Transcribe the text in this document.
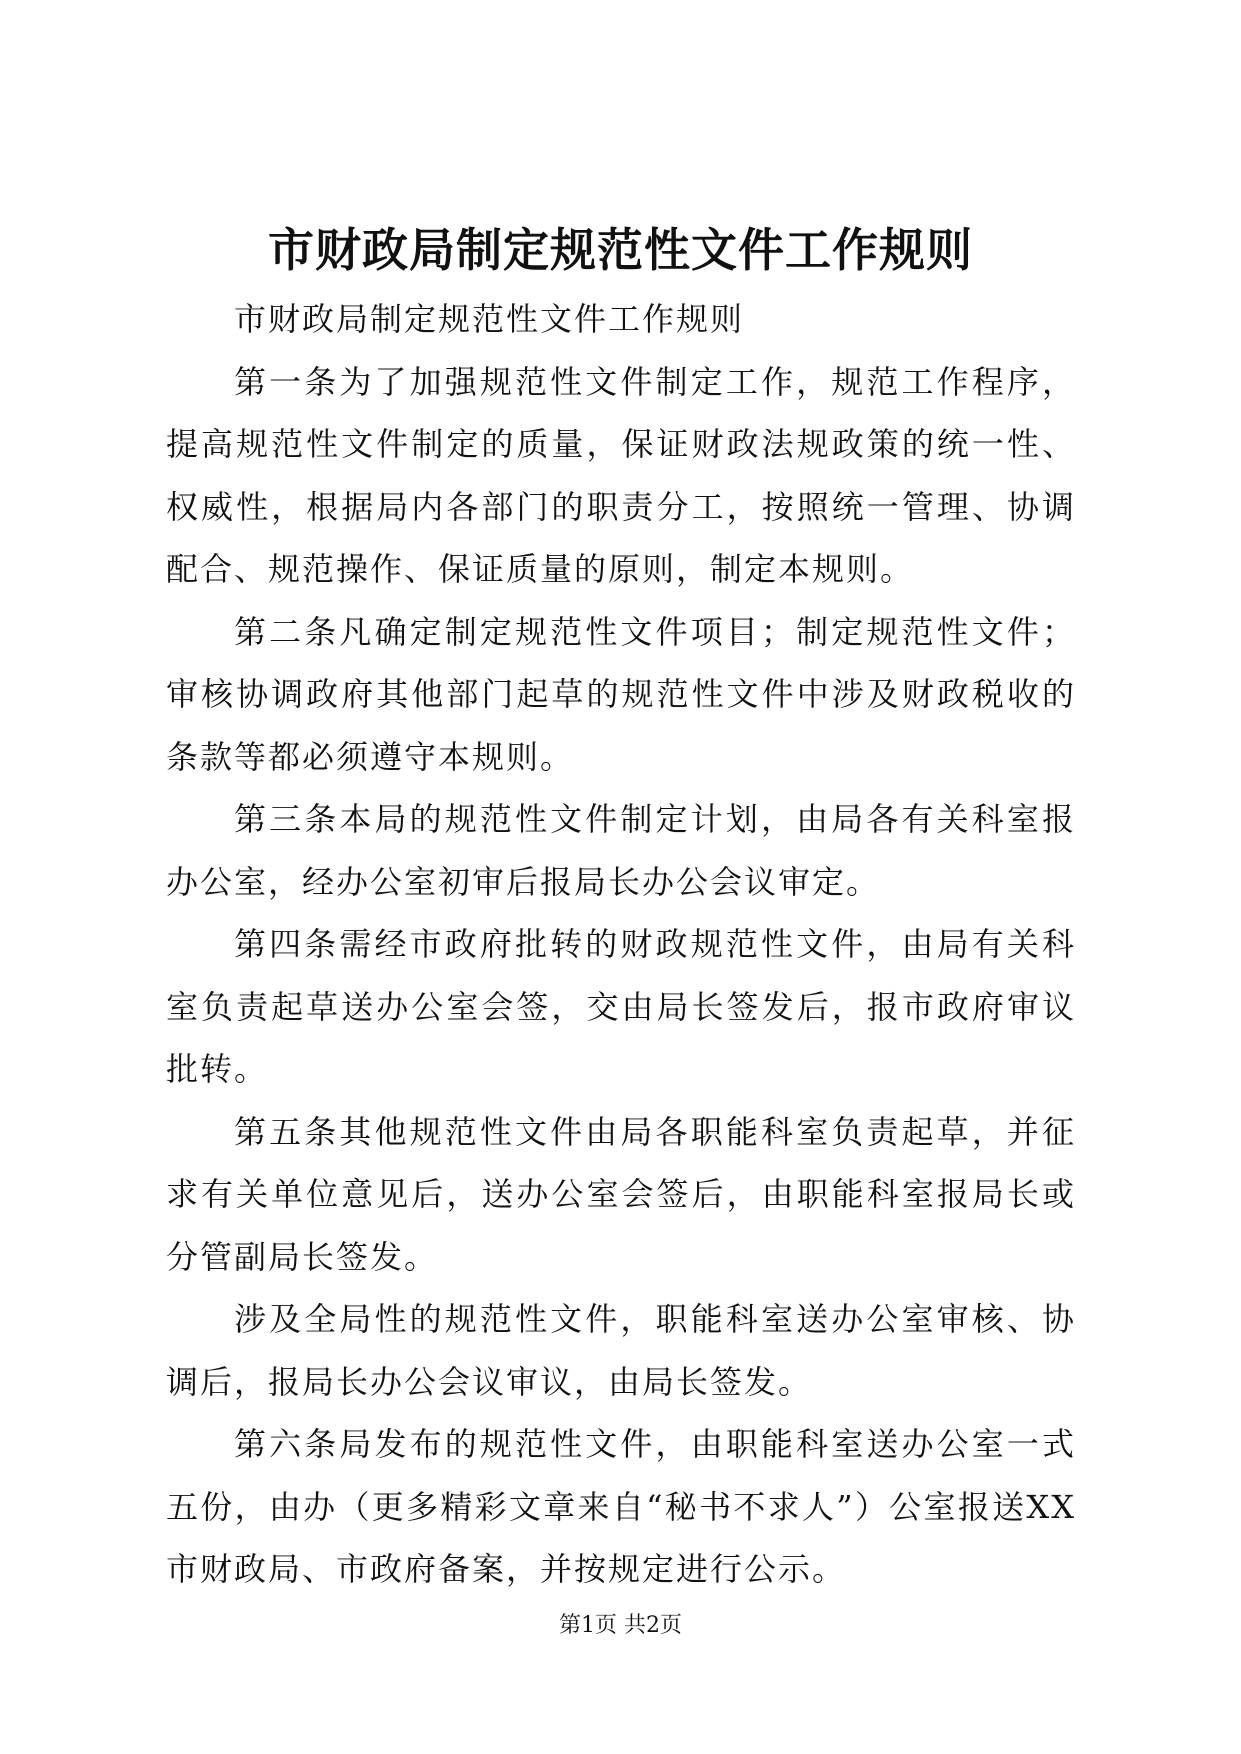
市财政局制定规范性文件工作规则

市财政局制定规范性文件工作规则

第一条为了加强规范性文件制定工作，规范工作程序，提高规范性文件制定的质量，保证财政法规政策的统一性、权威性，根据局内各部门的职责分工，按照统一管理、协调配合、规范操作、保证质量的原则，制定本规则。

第二条凡确定制定规范性文件项目；制定规范性文件；审核协调政府其他部门起草的规范性文件中涉及财政税收的条款等都必须遵守本规则。

第三条本局的规范性文件制定计划，由局各有关科室报办公室，经办公室初审后报局长办公会议审定。

第四条需经市政府批转的财政规范性文件，由局有关科室负责起草送办公室会签，交由局长签发后，报市政府审议批转。

第五条其他规范性文件由局各职能科室负责起草，并征求有关单位意见后，送办公室会签后，由职能科室报局长或分管副局长签发。

涉及全局性的规范性文件，职能科室送办公室审核、协调后，报局长办公会议审议，由局长签发。

第六条局发布的规范性文件，由职能科室送办公室一式五份，由办（更多精彩文章来自“秘书不求人”）公室报送XX市财政局、市政府备案，并按规定进行公示。

第1页 共2页
